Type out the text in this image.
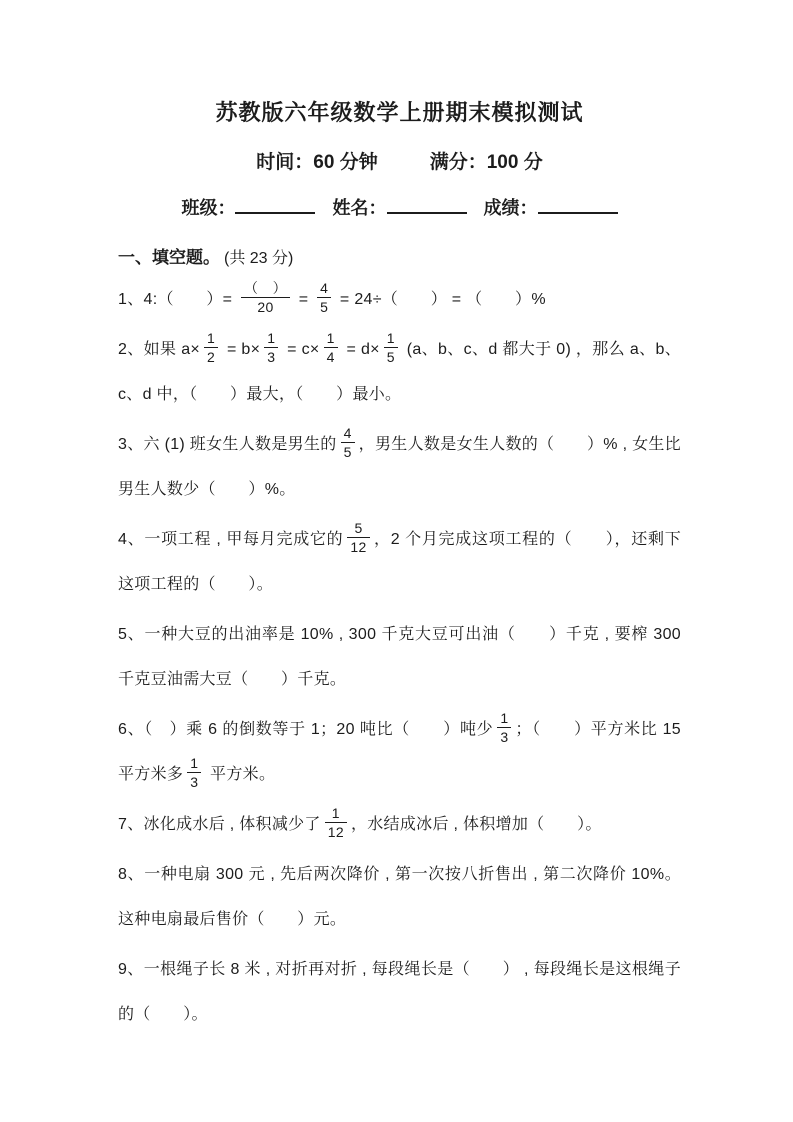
苏教版六年级数学上册期末模拟测试
时间：60 分钟	满分：100 分
班级：	姓名：	成绩：
一、填空题。 (共 23 分)
1、4:（　　）= $\frac{( )}{20} = \frac{4}{5} = 24\div$（　　） = （　　）%
2、如果 $a\times \frac{1}{2} = b\times \frac{1}{3} = c\times \frac{1}{4} = d\times \frac{1}{5} (a$、b、c、d 都大于 0) ，那么 a、b、c、d 中，（　　）最大，（　　）最小。
3、六 (1) 班女生人数是男生的 $\frac{4}{5}$ ，男生人数是女生人数的（　　）% , 女生比男生人数少（　　）%。
4、一项工程 , 甲每月完成它的 $\frac{5}{12}$ ，2 个月完成这项工程的（　　），还剩下这项工程的（　　）。
5、一种大豆的出油率是 10% , 300 千克大豆可出油（　　）千克 , 要榨 300 千克豆油需大豆（　　）千克。
6、（　）乘 6 的倒数等于 1；20 吨比（　　）吨少 $\frac{1}{3}$ ；（　　）平方米比 15 平方米多 $\frac{1}{3}$ 平方米。
7、冰化成水后 , 体积减少了 $\frac{1}{12}$ ，水结成冰后 , 体积增加（　　）。
8、一种电扇 300 元 , 先后两次降价 , 第一次按八折售出 , 第二次降价 10%。这种电扇最后售价（　　）元。
9、一根绳子长 8 米 , 对折再对折 , 每段绳长是（　　） , 每段绳长是这根绳子的（　　）。
